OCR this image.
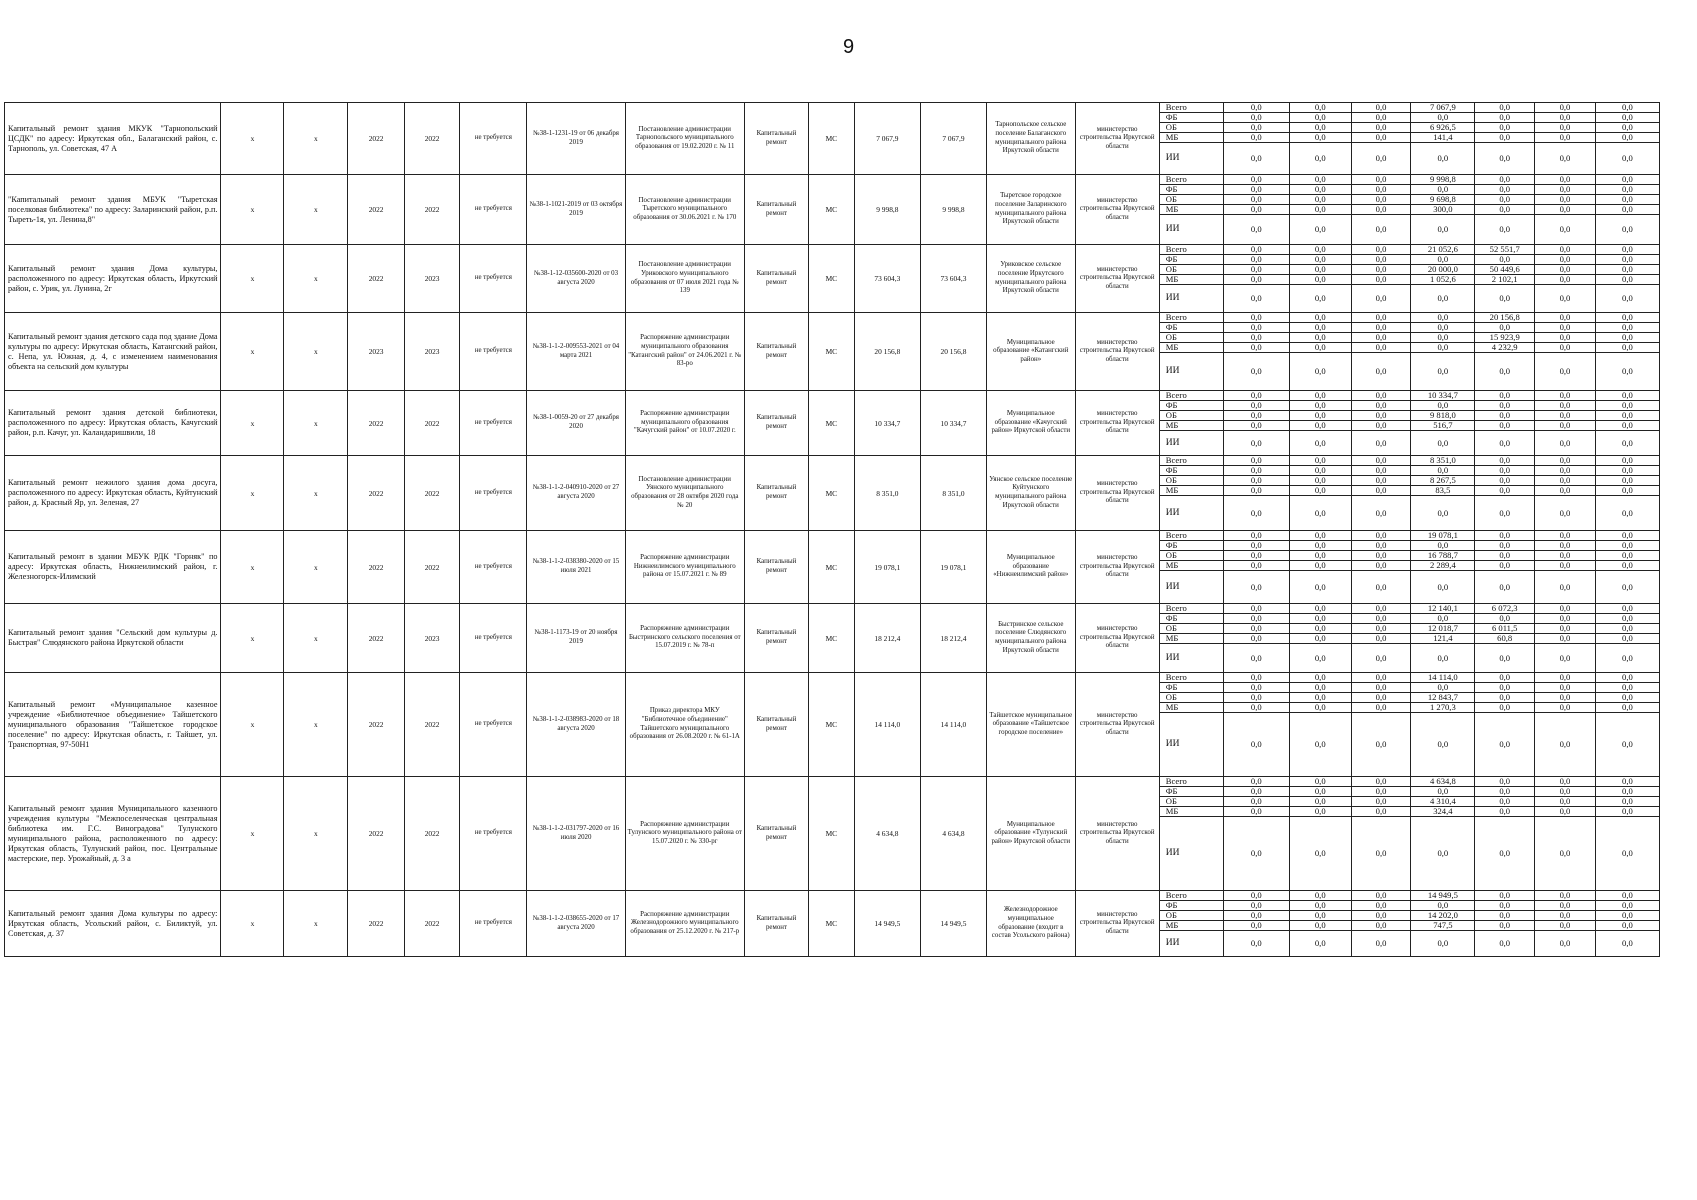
9
Капитальный ремонт здания МКУК "Тарнопольский ЦСДК" по адресу: Иркутская обл., Балаганский район, с. Тарнополь, ул. Советская, 47 А	х	х	2022	2022	не требуется	№38-1-1231-19 от 06 декабря 2019	Постановление администрации Тарнопольского муниципального образования от 19.02.2020 г. № 11	Капитальный ремонт	МС	7 067,9	7 067,9	Тарнопольское сельское поселение Балаганского муниципального района Иркутской области	министерство строительства Иркутской области	Всего	0,0	0,0	0,0	7 067,9	0,0	0,0	0,0
														ФБ	0,0	0,0	0,0	0,0	0,0	0,0	0,0
														ОБ	0,0	0,0	0,0	6 926,5	0,0	0,0	0,0
														МБ	0,0	0,0	0,0	141,4	0,0	0,0	0,0
														ИИ	0,0	0,0	0,0	0,0	0,0	0,0	0,0
"Капитальный ремонт здания МБУК "Тыретская поселковая библиотека" по адресу: Заларинский район, р.п. Тыреть-1я, ул. Ленина,8"	х	х	2022	2022	не требуется	№38-1-1021-2019 от 03 октября 2019	Постановление администрации Тыретского муниципального образования от 30.06.2021 г. № 170	Капитальный ремонт	МС	9 998,8	9 998,8	Тыретское городское поселение Заларинского муниципального района Иркутской области	министерство строительства Иркутской области	Всего	0,0	0,0	0,0	9 998,8	0,0	0,0	0,0
														ФБ	0,0	0,0	0,0	0,0	0,0	0,0	0,0
														ОБ	0,0	0,0	0,0	9 698,8	0,0	0,0	0,0
														МБ	0,0	0,0	0,0	300,0	0,0	0,0	0,0
														ИИ	0,0	0,0	0,0	0,0	0,0	0,0	0,0
Капитальный ремонт здания Дома культуры, расположенного по адресу: Иркутская область, Иркутский район, с. Урик, ул. Лунина, 2г	х	х	2022	2023	не требуется	№38-1-12-035600-2020 от 03 августа 2020	Постановление администрации Уриковского муниципального образования от 07 июля 2021 года № 139	Капитальный ремонт	МС	73 604,3	73 604,3	Уриковское сельское поселение Иркутского муниципального района Иркутской области	министерство строительства Иркутской области	Всего	0,0	0,0	0,0	21 052,6	52 551,7	0,0	0,0
														ФБ	0,0	0,0	0,0	0,0	0,0	0,0	0,0
														ОБ	0,0	0,0	0,0	20 000,0	50 449,6	0,0	0,0
														МБ	0,0	0,0	0,0	1 052,6	2 102,1	0,0	0,0
														ИИ	0,0	0,0	0,0	0,0	0,0	0,0	0,0
Капитальный ремонт здания детского сада под здание Дома культуры по адресу: Иркутская область, Катангский район, с. Непа, ул. Южная, д. 4, с изменением наименования объекта на сельский дом культуры	х	х	2023	2023	не требуется	№38-1-1-2-009553-2021 от 04 марта 2021	Распоряжение администрации муниципального образования "Катангский район" от 24.06.2021 г. № 83-ро	Капитальный ремонт	МС	20 156,8	20 156,8	Муниципальное образование «Катангский район»	министерство строительства Иркутской области	Всего	0,0	0,0	0,0	0,0	20 156,8	0,0	0,0
														ФБ	0,0	0,0	0,0	0,0	0,0	0,0	0,0
														ОБ	0,0	0,0	0,0	0,0	15 923,9	0,0	0,0
														МБ	0,0	0,0	0,0	0,0	4 232,9	0,0	0,0
														ИИ	0,0	0,0	0,0	0,0	0,0	0,0	0,0
Капитальный ремонт здания детской библиотеки, расположенного по адресу: Иркутская область, Качугский район, р.п. Качуг, ул. Каландаришвили, 18	х	х	2022	2022	не требуется	№38-1-0059-20 от 27 декабря 2020	Распоряжение администрации муниципального образования "Качугский район" от 10.07.2020 г.	Капитальный ремонт	МС	10 334,7	10 334,7	Муниципальное образование «Качугский район» Иркутской области	министерство строительства Иркутской области	Всего	0,0	0,0	0,0	10 334,7	0,0	0,0	0,0
														ФБ	0,0	0,0	0,0	0,0	0,0	0,0	0,0
														ОБ	0,0	0,0	0,0	9 818,0	0,0	0,0	0,0
														МБ	0,0	0,0	0,0	516,7	0,0	0,0	0,0
														ИИ	0,0	0,0	0,0	0,0	0,0	0,0	0,0
Капитальный ремонт нежилого здания дома досуга, расположенного по адресу: Иркутская область, Куйтунский район, д. Красный Яр, ул. Зеленая, 27	х	х	2022	2022	не требуется	№38-1-1-2-040910-2020 от 27 августа 2020	Постановление администрации Уянского муниципального образования от 28 октября 2020 года № 20	Капитальный ремонт	МС	8 351,0	8 351,0	Уянское сельское поселение Куйтунского муниципального района Иркутской области	министерство строительства Иркутской области	Всего	0,0	0,0	0,0	8 351,0	0,0	0,0	0,0
														ФБ	0,0	0,0	0,0	0,0	0,0	0,0	0,0
														ОБ	0,0	0,0	0,0	8 267,5	0,0	0,0	0,0
														МБ	0,0	0,0	0,0	83,5	0,0	0,0	0,0
														ИИ	0,0	0,0	0,0	0,0	0,0	0,0	0,0
Капитальный ремонт в здании МБУК РДК "Горняк" по адресу: Иркутская область, Нижнеилимский район, г. Железногорск-Илимский	х	х	2022	2022	не требуется	№38-1-1-2-038380-2020 от 15 июля 2021	Распоряжение администрации Нижнеилимского муниципального района от 15.07.2021 г. № 89	Капитальный ремонт	МС	19 078,1	19 078,1	Муниципальное образование «Нижнеилимский район»	министерство строительства Иркутской области	Всего	0,0	0,0	0,0	19 078,1	0,0	0,0	0,0
														ФБ	0,0	0,0	0,0	0,0	0,0	0,0	0,0
														ОБ	0,0	0,0	0,0	16 788,7	0,0	0,0	0,0
														МБ	0,0	0,0	0,0	2 289,4	0,0	0,0	0,0
														ИИ	0,0	0,0	0,0	0,0	0,0	0,0	0,0
Капитальный ремонт здания "Сельский дом культуры д. Быстрая" Слюдянского района Иркутской области	х	х	2022	2023	не требуется	№38-1-1173-19 от 20 ноября 2019	Распоряжение администрации Быстринского сельского поселения от 15.07.2019 г. № 78-п	Капитальный ремонт	МС	18 212,4	18 212,4	Быстринское сельское поселение Слюдянского муниципального района Иркутской области	министерство строительства Иркутской области	Всего	0,0	0,0	0,0	12 140,1	6 072,3	0,0	0,0
														ФБ	0,0	0,0	0,0	0,0	0,0	0,0	0,0
														ОБ	0,0	0,0	0,0	12 018,7	6 011,5	0,0	0,0
														МБ	0,0	0,0	0,0	121,4	60,8	0,0	0,0
														ИИ	0,0	0,0	0,0	0,0	0,0	0,0	0,0
Капитальный ремонт «Муниципальное казенное учреждение «Библиотечное объединение» Тайшетского муниципального образования "Тайшетское городское поселение" по адресу: Иркутская область, г. Тайшет, ул. Транспортная, 97-50Н1	х	х	2022	2022	не требуется	№38-1-1-2-038983-2020 от 18 августа 2020	Приказ директора МКУ "Библиотечное объединение" Тайшетского муниципального образования от 26.08.2020 г. № 61-1А	Капитальный ремонт	МС	14 114,0	14 114,0	Тайшетское муниципальное образование «Тайшетское городское поселение»	министерство строительства Иркутской области	Всего	0,0	0,0	0,0	14 114,0	0,0	0,0	0,0
														ФБ	0,0	0,0	0,0	0,0	0,0	0,0	0,0
														ОБ	0,0	0,0	0,0	12 843,7	0,0	0,0	0,0
														МБ	0,0	0,0	0,0	1 270,3	0,0	0,0	0,0
														ИИ	0,0	0,0	0,0	0,0	0,0	0,0	0,0
Капитальный ремонт здания Муниципального казенного учреждения культуры "Межпоселенческая центральная библиотека им. Г.С. Виноградова" Тулунского муниципального района, расположенного по адресу: Иркутская область, Тулунский район, пос. Центральные мастерские, пер. Урожайный, д. 3 а	х	х	2022	2022	не требуется	№38-1-1-2-031797-2020 от 16 июля 2020	Распоряжение администрации Тулунского муниципального района от 15.07.2020 г. № 330-рг	Капитальный ремонт	МС	4 634,8	4 634,8	Муниципальное образование «Тулунский район» Иркутской области	министерство строительства Иркутской области	Всего	0,0	0,0	0,0	4 634,8	0,0	0,0	0,0
														ФБ	0,0	0,0	0,0	0,0	0,0	0,0	0,0
														ОБ	0,0	0,0	0,0	4 310,4	0,0	0,0	0,0
														МБ	0,0	0,0	0,0	324,4	0,0	0,0	0,0
														ИИ	0,0	0,0	0,0	0,0	0,0	0,0	0,0
Капитальный ремонт здания Дома культуры по адресу: Иркутская область, Усольский район, с. Биликтуй, ул. Советская, д. 37	х	х	2022	2022	не требуется	№38-1-1-2-038655-2020 от 17 августа 2020	Распоряжение администрации Железнодорожного муниципального образования от 25.12.2020 г. № 217-р	Капитальный ремонт	МС	14 949,5	14 949,5	Железнодорожное муниципальное образование (входит в состав Усольского района)	министерство строительства Иркутской области	Всего	0,0	0,0	0,0	14 949,5	0,0	0,0	0,0
														ФБ	0,0	0,0	0,0	0,0	0,0	0,0	0,0
														ОБ	0,0	0,0	0,0	14 202,0	0,0	0,0	0,0
														МБ	0,0	0,0	0,0	747,5	0,0	0,0	0,0
														ИИ	0,0	0,0	0,0	0,0	0,0	0,0	0,0
